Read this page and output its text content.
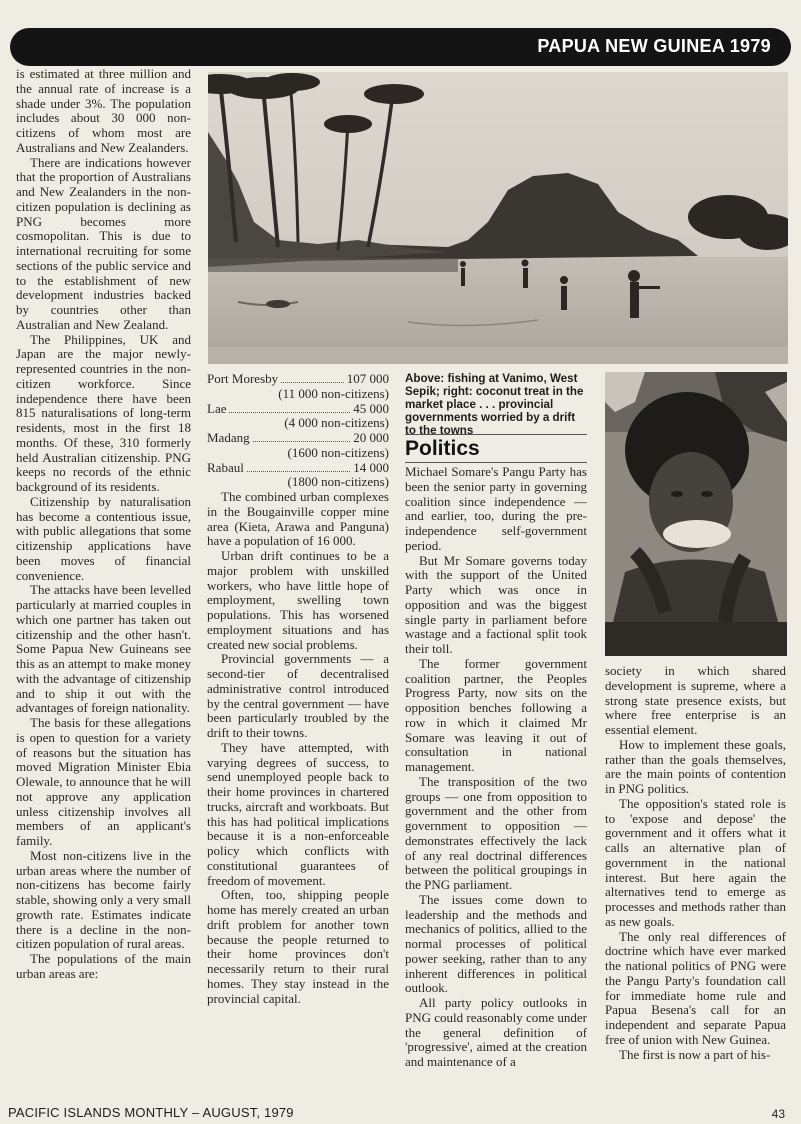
PAPUA NEW GUINEA 1979

is estimated at three million and the annual rate of increase is a shade under 3%. The population includes about 30 000 non-citizens of whom most are Australians and New Zealanders.

There are indications however that the proportion of Australians and New Zealanders in the non-citizen population is declining as PNG becomes more cosmopolitan. This is due to international recruiting for some sections of the public service and to the establishment of new development industries backed by countries other than Australian and New Zealand.

The Philippines, UK and Japan are the major newly-represented countries in the non-citizen workforce. Since independence there have been 815 naturalisations of long-term residents, most in the first 18 months. Of these, 310 formerly held Australian citizenship. PNG keeps no records of the ethnic background of its residents.

Citizenship by naturalisation has become a contentious issue, with public allegations that some citizenship applications have been moves of financial convenience.

The attacks have been levelled particularly at married couples in which one partner has taken out citizenship and the other hasn't. Some Papua New Guineans see this as an attempt to make money with the advantage of citizenship and to ship it out with the advantages of foreign nationality.

The basis for these allegations is open to question for a variety of reasons but the situation has moved Migration Minister Ebia Olewale, to announce that he will not approve any application unless citizenship involves all members of an applicant's family.

Most non-citizens live in the urban areas where the number of non-citizens has become fairly stable, showing only a very small growth rate. Estimates indicate there is a decline in the non-citizen population of rural areas.

The populations of the main urban areas are:

Port Moresby	107 000
(11 000 non-citizens)
Lae	45 000
(4 000 non-citizens)
Madang	20 000
(1600 non-citizens)
Rabaul	14 000
(1800 non-citizens)

The combined urban complexes in the Bougainville copper mine area (Kieta, Arawa and Panguna) have a population of 16 000.

Urban drift continues to be a major problem with unskilled workers, who have little hope of employment, swelling town populations. This has worsened employment situations and has created new social problems.

Provincial governments — a second-tier of decentralised administrative control introduced by the central government — have been particularly troubled by the drift to their towns.

They have attempted, with varying degrees of success, to send unemployed people back to their home provinces in chartered trucks, aircraft and workboats. But this has had political implications because it is a non-enforceable policy which conflicts with constitutional guarantees of freedom of movement.

Often, too, shipping people home has merely created an urban drift problem for another town because the people returned to their home provinces don't necessarily return to their rural homes. They stay instead in the provincial capital.

Above: fishing at Vanimo, West Sepik; right: coconut treat in the market place . . . provincial governments worried by a drift to the towns
Politics

Michael Somare's Pangu Party has been the senior party in governing coalition since independence — and earlier, too, during the pre-independence self-government period.

But Mr Somare governs today with the support of the United Party which was once in opposition and was the biggest single party in parliament before wastage and a factional split took their toll.

The former government coalition partner, the Peoples Progress Party, now sits on the opposition benches following a row in which it claimed Mr Somare was leaving it out of consultation in national management.

The transposition of the two groups — one from opposition to government and the other from government to opposition — demonstrates effectively the lack of any real doctrinal differences between the political groupings in the PNG parliament.

The issues come down to leadership and the methods and mechanics of politics, allied to the normal processes of political power seeking, rather than to any inherent differences in political outlook.

All party policy outlooks in PNG could reasonably come under the general definition of 'progressive', aimed at the creation and maintenance of a

society in which shared development is supreme, where a strong state presence exists, but where free enterprise is an essential element.

How to implement these goals, rather than the goals themselves, are the main points of contention in PNG politics.

The opposition's stated role is to 'expose and depose' the government and it offers what it calls an alternative plan of government in the national interest. But here again the alternatives tend to emerge as processes and methods rather than as new goals.

The only real differences of doctrine which have ever marked the national politics of PNG were the Pangu Party's foundation call for immediate home rule and Papua Besena's call for an independent and separate Papua free of union with New Guinea.

The first is now a part of his-

PACIFIC ISLANDS MONTHLY – AUGUST, 1979	43
